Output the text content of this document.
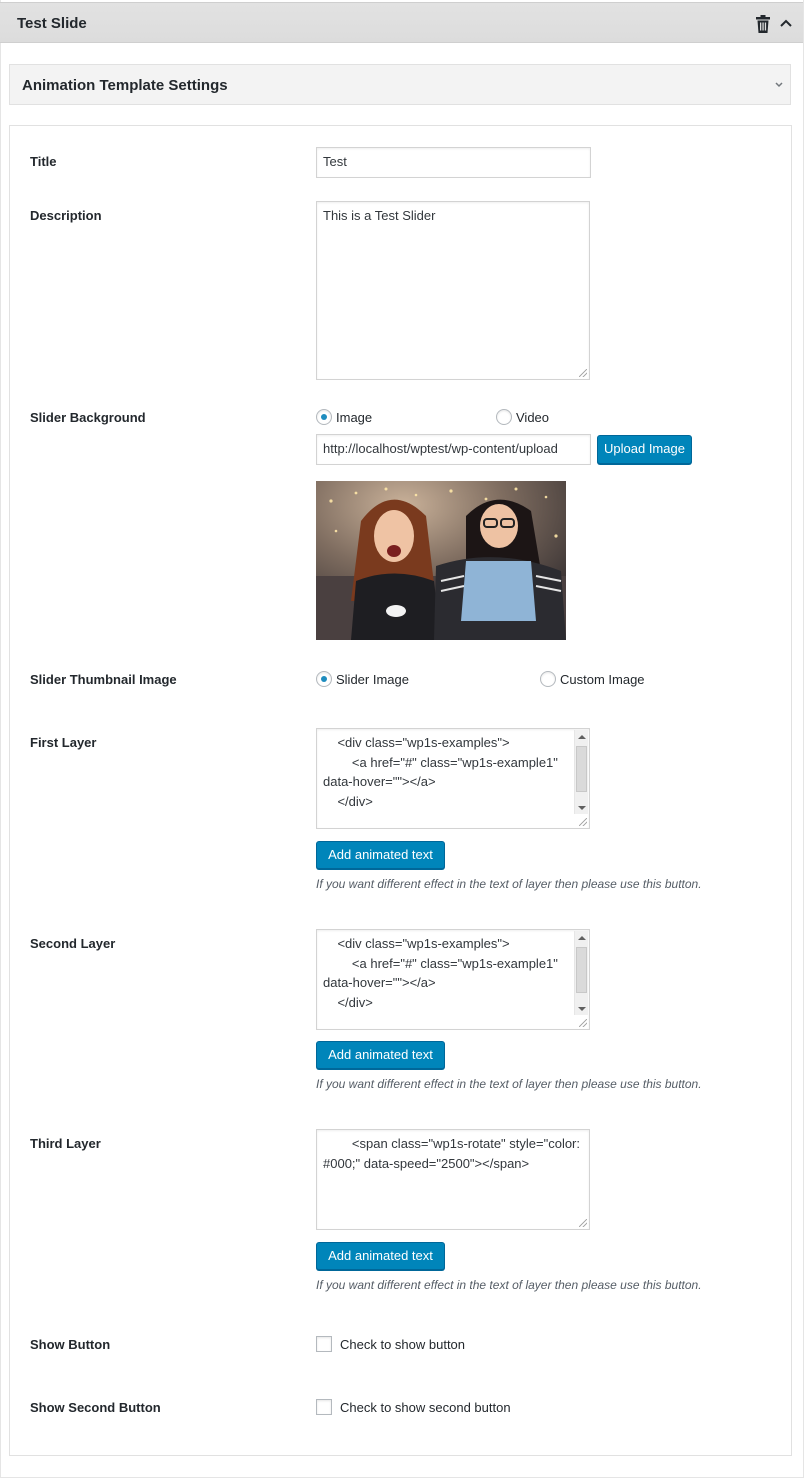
Test Slide
Animation Template Settings
Title	Test
Description	This is a Test Slider
Slider Background	Image	Video
http://localhost/wptest/wp-content/upload	Upload Image
Slider Thumbnail Image	Slider Image	Custom Image
First Layer	<div class="wp1s-examples">
<a href="#" class="wp1s-example1" data-hover=""></a>
</div>
Add animated text
If you want different effect in the text of layer then please use this button.
Second Layer	<div class="wp1s-examples">
<a href="#" class="wp1s-example1" data-hover=""></a>
</div>
Add animated text
If you want different effect in the text of layer then please use this button.
Third Layer	<span class="wp1s-rotate" style="color: #000;" data-speed="2500"></span>
Add animated text
If you want different effect in the text of layer then please use this button.
Show Button	Check to show button
Show Second Button	Check to show second button
